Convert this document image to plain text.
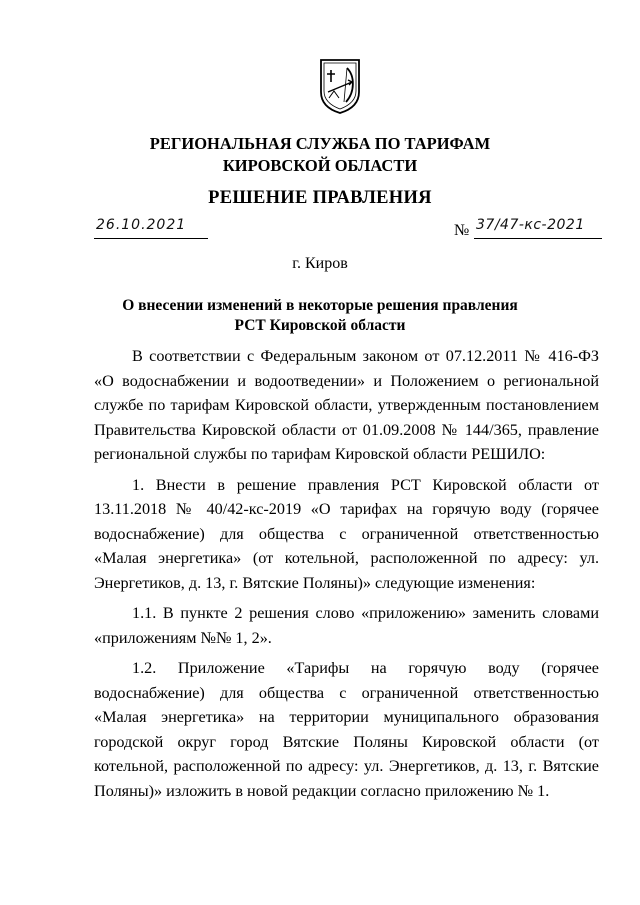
РЕГИОНАЛЬНАЯ СЛУЖБА ПО ТАРИФАМ
КИРОВСКОЙ ОБЛАСТИ
РЕШЕНИЕ ПРАВЛЕНИЯ
26.10.2021	№ 37/47-кс-2021
г. Киров
О внесении изменений в некоторые решения правления
РСТ Кировской области

В соответствии с Федеральным законом от 07.12.2011 № 416-ФЗ «О водоснабжении и водоотведении» и Положением о региональной службе по тарифам Кировской области, утвержденным постановлением Правительства Кировской области от 01.09.2008 № 144/365, правление региональной службы по тарифам Кировской области РЕШИЛО:

1. Внести в решение правления РСТ Кировской области от 13.11.2018 № 40/42-кс-2019 «О тарифах на горячую воду (горячее водоснабжение) для общества с ограниченной ответственностью «Малая энергетика» (от котельной, расположенной по адресу: ул. Энергетиков, д. 13, г. Вятские Поляны)» следующие изменения:

1.1. В пункте 2 решения слово «приложению» заменить словами «приложениям №№ 1, 2».

1.2. Приложение «Тарифы на горячую воду (горячее водоснабжение) для общества с ограниченной ответственностью «Малая энергетика» на территории муниципального образования городской округ город Вятские Поляны Кировской области (от котельной, расположенной по адресу: ул. Энергетиков, д. 13, г. Вятские Поляны)» изложить в новой редакции согласно приложению № 1.
